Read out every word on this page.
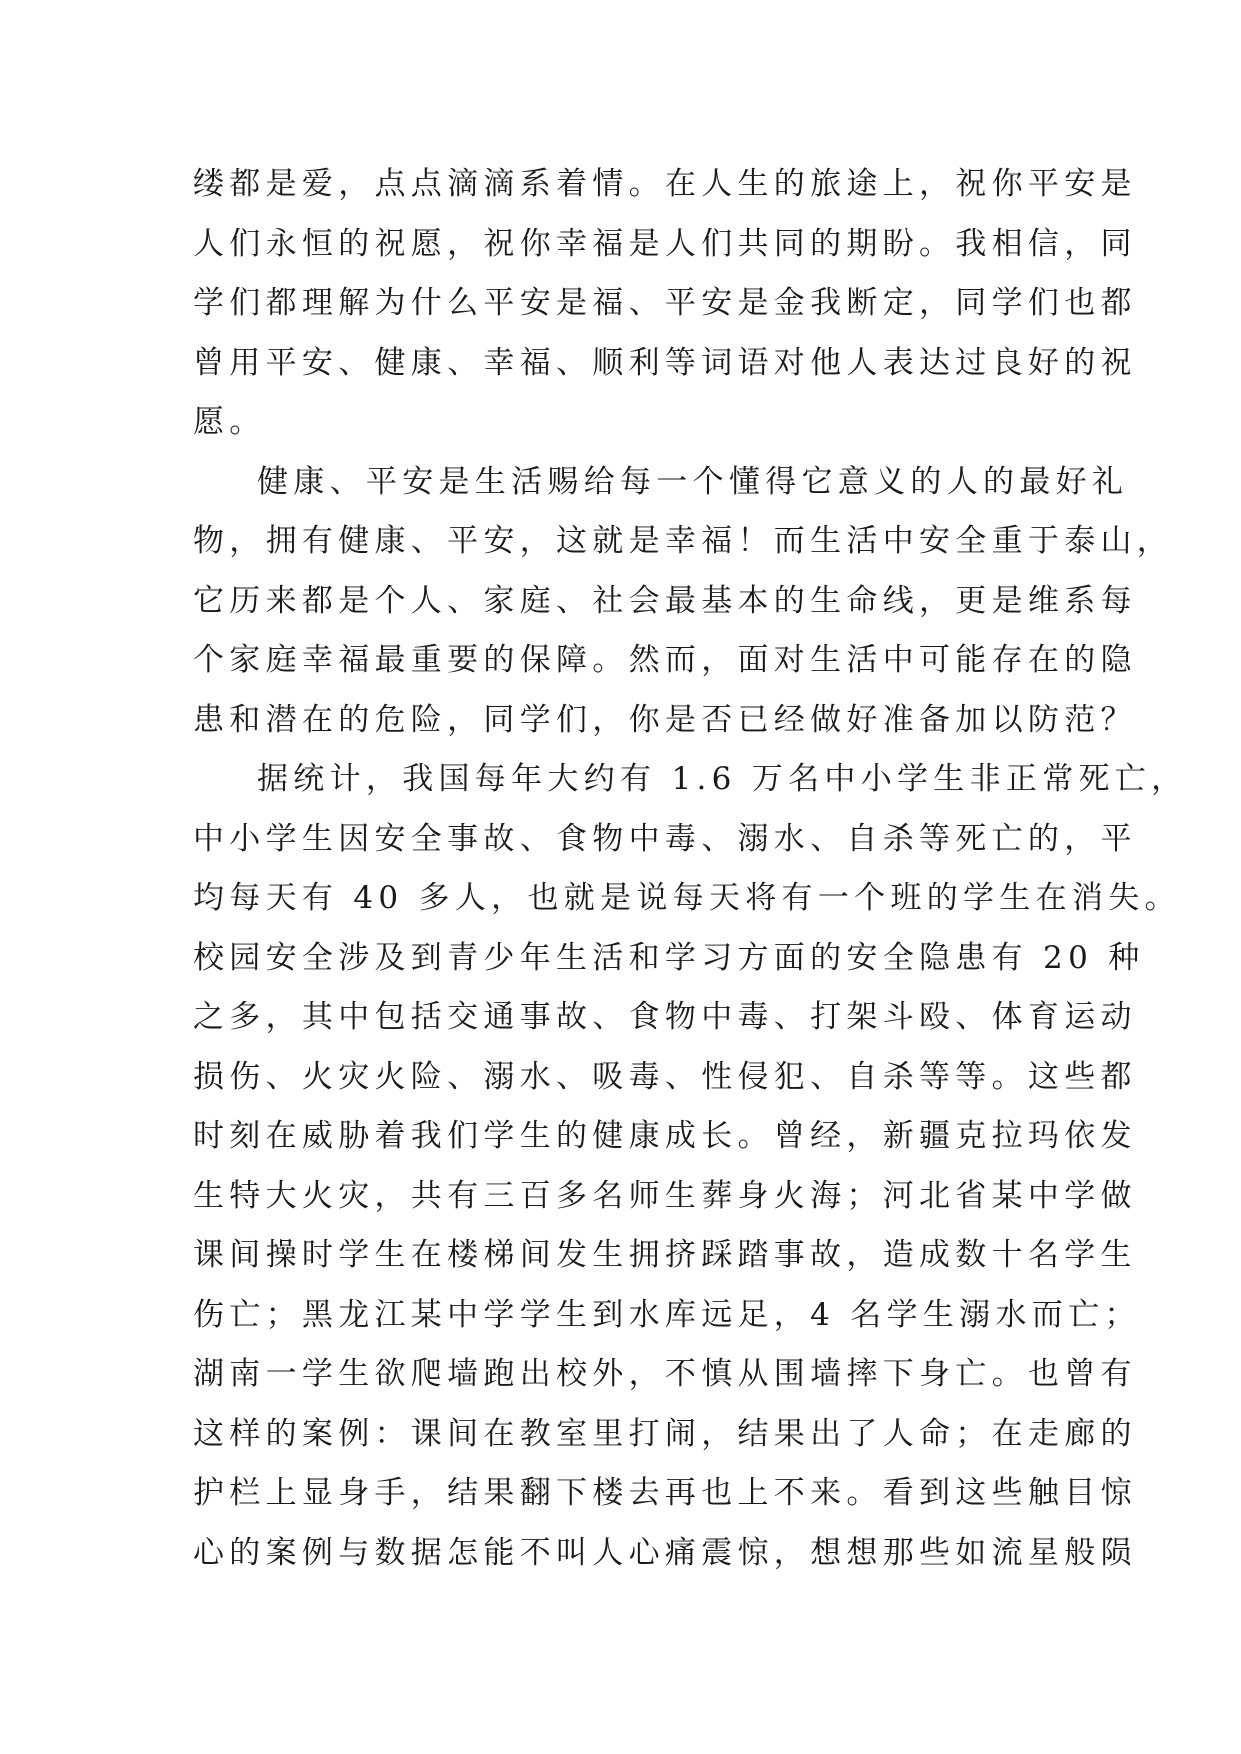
缕都是爱，点点滴滴系着情。在人生的旅途上，祝你平安是
人们永恒的祝愿，祝你幸福是人们共同的期盼。我相信，同
学们都理解为什么平安是福、平安是金我断定，同学们也都
曾用平安、健康、幸福、顺利等词语对他人表达过良好的祝
愿。
健康、平安是生活赐给每一个懂得它意义的人的最好礼
物，拥有健康、平安，这就是幸福！而生活中安全重于泰山，
它历来都是个人、家庭、社会最基本的生命线，更是维系每
个家庭幸福最重要的保障。然而，面对生活中可能存在的隐
患和潜在的危险，同学们，你是否已经做好准备加以防范？
据统计，我国每年大约有 1.6 万名中小学生非正常死亡，
中小学生因安全事故、食物中毒、溺水、自杀等死亡的，平
均每天有 40 多人，也就是说每天将有一个班的学生在消失。
校园安全涉及到青少年生活和学习方面的安全隐患有 20 种
之多，其中包括交通事故、食物中毒、打架斗殴、体育运动
损伤、火灾火险、溺水、吸毒、性侵犯、自杀等等。这些都
时刻在威胁着我们学生的健康成长。曾经，新疆克拉玛依发
生特大火灾，共有三百多名师生葬身火海；河北省某中学做
课间操时学生在楼梯间发生拥挤踩踏事故，造成数十名学生
伤亡；黑龙江某中学学生到水库远足，4 名学生溺水而亡；
湖南一学生欲爬墙跑出校外，不慎从围墙摔下身亡。也曾有
这样的案例：课间在教室里打闹，结果出了人命；在走廊的
护栏上显身手，结果翻下楼去再也上不来。看到这些触目惊
心的案例与数据怎能不叫人心痛震惊，想想那些如流星般陨
